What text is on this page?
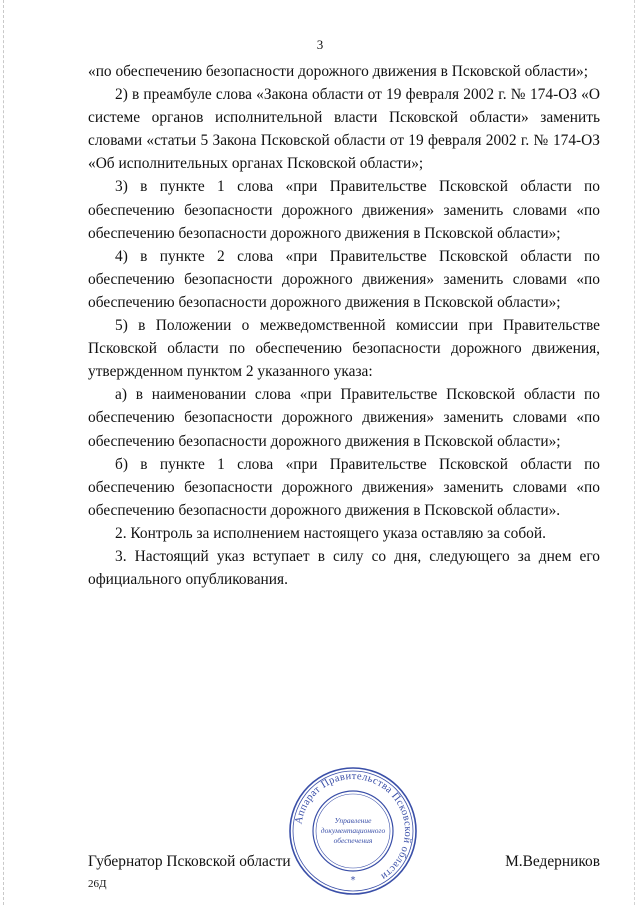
3

«по обеспечению безопасности дорожного движения в Псковской области»;

2) в преамбуле слова «Закона области от 19 февраля 2002 г. № 174-ОЗ «О системе органов исполнительной власти Псковской области» заменить словами «статьи 5 Закона Псковской области от 19 февраля 2002 г. № 174-ОЗ «Об исполнительных органах Псковской области»;

3) в пункте 1 слова «при Правительстве Псковской области по обеспечению безопасности дорожного движения» заменить словами «по обеспечению безопасности дорожного движения в Псковской области»;

4) в пункте 2 слова «при Правительстве Псковской области по обеспечению безопасности дорожного движения» заменить словами «по обеспечению безопасности дорожного движения в Псковской области»;

5) в Положении о межведомственной комиссии при Правительстве Псковской области по обеспечению безопасности дорожного движения, утвержденном пунктом 2 указанного указа:

а) в наименовании слова «при Правительстве Псковской области по обеспечению безопасности дорожного движения» заменить словами «по обеспечению безопасности дорожного движения в Псковской области»;

б) в пункте 1 слова «при Правительстве Псковской области по обеспечению безопасности дорожного движения» заменить словами «по обеспечению безопасности дорожного движения в Псковской области».

2. Контроль за исполнением настоящего указа оставляю за собой.

3. Настоящий указ вступает в силу со дня, следующего за днем его официального опубликования.

Губернатор Псковской области	М.Ведерников
Аппарат Правительства Псковской области
Управление
документационного
обеспечения
*
26Д
